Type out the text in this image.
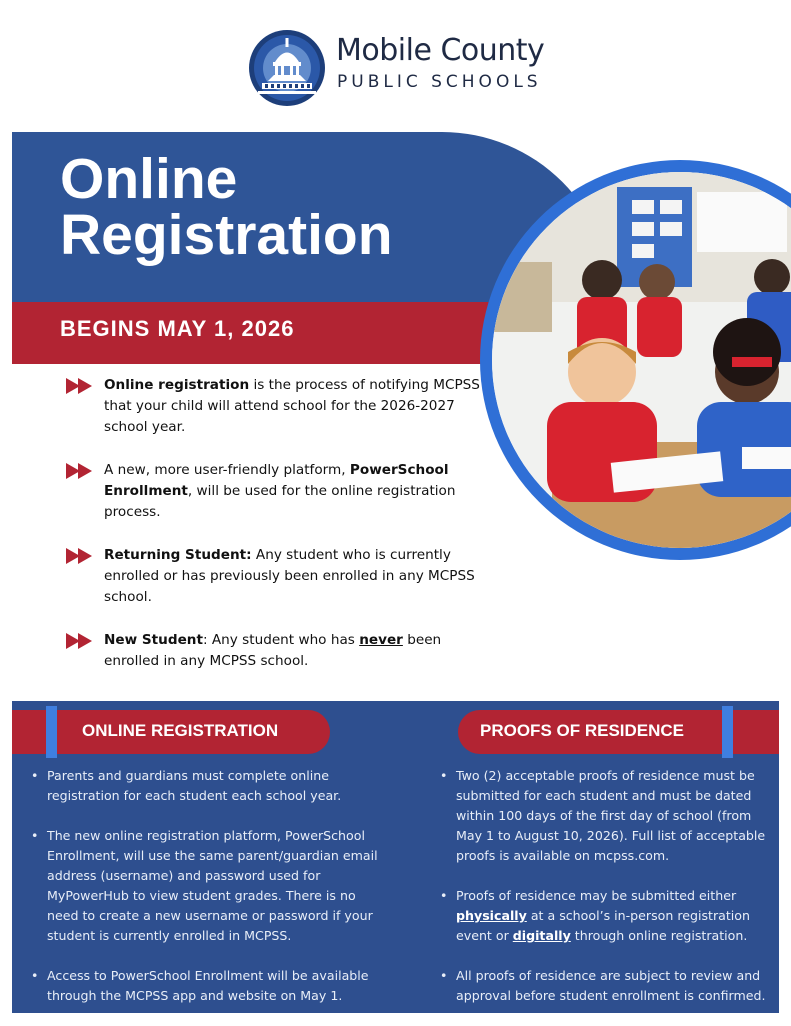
Mobile County
PUBLIC SCHOOLS
Online
Registration
BEGINS MAY 1, 2026
Online registration is the process of notifying MCPSS that your child will attend school for the 2026-2027 school year.
A new, more user-friendly platform, PowerSchool Enrollment, will be used for the online registration process.
Returning Student: Any student who is currently enrolled or has previously been enrolled in any MCPSS school.
New Student: Any student who has never been enrolled in any MCPSS school.
ONLINE REGISTRATION	PROOFS OF RESIDENCE
• Parents and guardians must complete online registration for each student each school year.
• The new online registration platform, PowerSchool Enrollment, will use the same parent/guardian email address (username) and password used for MyPowerHub to view student grades. There is no need to create a new username or password if your student is currently enrolled in MCPSS.
• Access to PowerSchool Enrollment will be available through the MCPSS app and website on May 1.
• Two (2) acceptable proofs of residence must be submitted for each student and must be dated within 100 days of the first day of school (from May 1 to August 10, 2026). Full list of acceptable proofs is available on mcpss.com.
• Proofs of residence may be submitted either physically at a school’s in-person registration event or digitally through online registration.
• All proofs of residence are subject to review and approval before student enrollment is confirmed.
